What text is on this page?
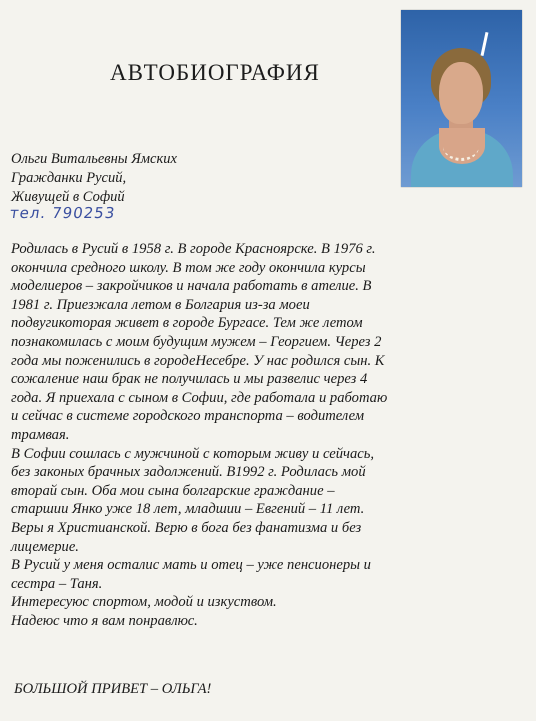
АВТОБИОГРАФИЯ
Ольги Витальевны Ямских
Гражданки Русий,
Живущей в Софий
тел. 790253
Родилась в Русий в 1958 г. В городе Красноярске. В 1976 г.
окончила средного школу. В том же году окончила курсы
моделиеров – закройчиков и начала работать в ателие. В
1981 г. Приезжала летом в Болгария из-за моеи
подвугикоторая живет в городе Бургасе. Тем же летом
познакомилась с моим будущим мужем – Георгием. Через 2
года мы поженились в городеНесебре. У нас родился сын. К
сожаление наш брак не получилась и мы развелис через 4
года. Я приехала с сыном в Софии, где работала и работаю
и сейчас в системе городского транспорта – водителем
трамвая.
В Софии сошлась с мужчиной с которым живу и сейчась,
без законых брачных задолжений. В1992 г. Родилась мой
вторай сын. Оба мои сына болгарские граждание –
старшии Янко уже 18 лет, младшии – Евгений – 11 лет.
Веры я Христианской. Верю в бога без фанатизма и без
лицемерие.
В Русий у меня осталис мать и отец – уже пенсионеры и
сестра – Таня.
Интересуюс спортом, модой и изкуством.
Надеюс что я вам понравлюс.
БОЛЬШОЙ ПРИВЕТ – ОЛЬГА!
